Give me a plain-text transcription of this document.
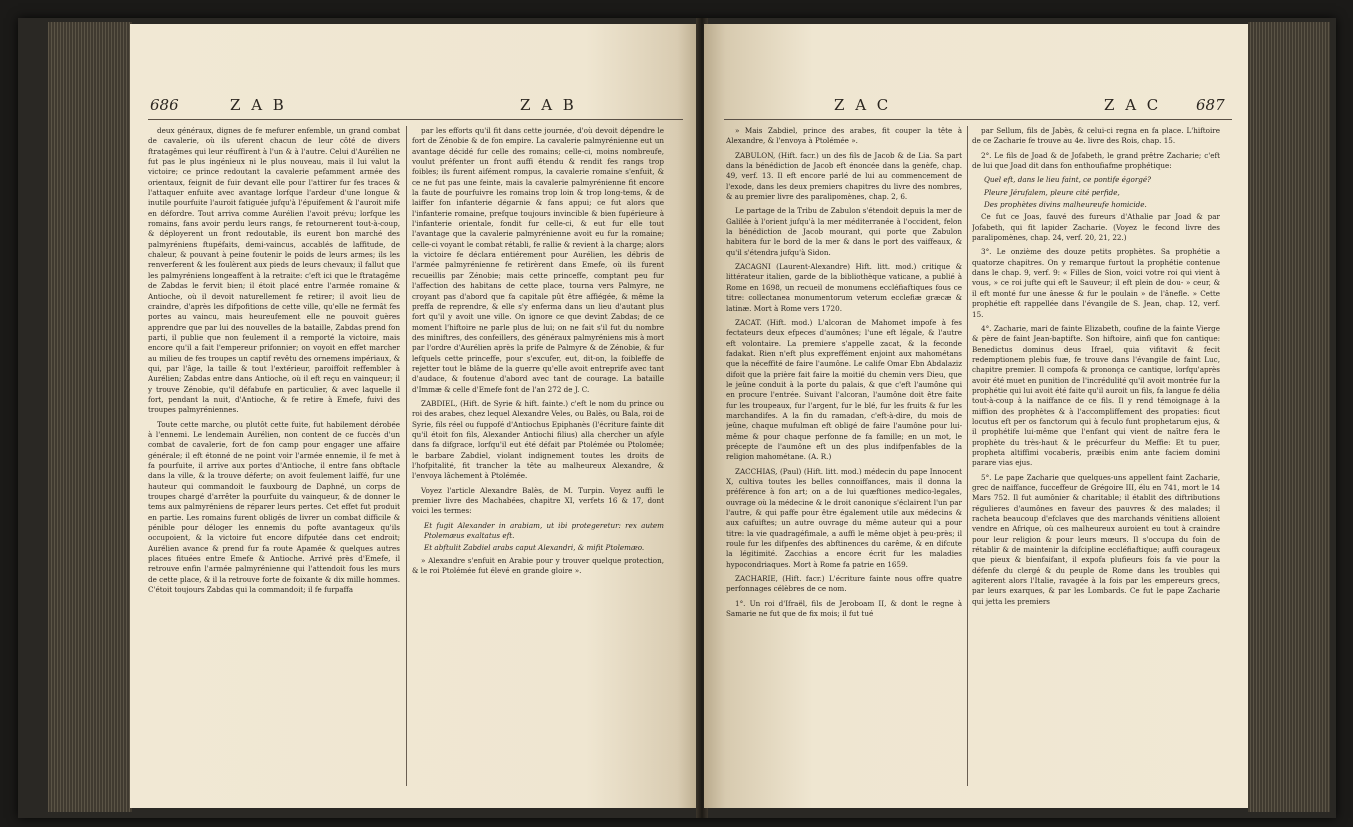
686	Z A B	Z A B

deux généraux, dignes de fe mefurer enfemble, un grand combat de cavalerie, où ils uferent chacun de leur côté de divers ftratagêmes qui leur réuffirent à l'un & à l'autre. Celui d'Aurélien ne fut pas le plus ingénieux ni le plus nouveau, mais il lui valut la victoire; ce prince redoutant la cavalerie pefamment armée des orientaux, feignit de fuir devant elle pour l'attirer fur fes traces & l'attaquer enfuite avec avantage lorfque l'ardeur d'une longue & inutile pourfuite l'auroit fatiguée jufqu'à l'épuifement & l'auroit mife en défordre. Tout arriva comme Aurélien l'avoit prévu; lorfque les romains, fans avoir perdu leurs rangs, fe retournerent tout-à-coup, & déployerent un front redoutable, ils eurent bon marché des palmyréniens ftupéfaits, demi-vaincus, accablés de laffitude, de chaleur, & pouvant à peine foutenir le poids de leurs armes; ils les renverferent & les foulèrent aux pieds de leurs chevaux; il fallut que les palmyréniens longeaffent à la retraite: c'eft ici que le ftratagême de Zabdas le fervit bien; il étoit placé entre l'armée romaine & Antioche, où il devoit naturellement fe retirer; il avoit lieu de craindre, d'après les difpofitions de cette ville, qu'elle ne fermât fes portes au vaincu, mais heureufement elle ne pouvoit guères apprendre que par lui des nouvelles de la bataille, Zabdas prend fon parti, il publie que non feulement il a remporté la victoire, mais encore qu'il a fait l'empereur prifonnier; on voyoit en effet marcher au milieu de fes troupes un captif revêtu des ornemens impériaux, & qui, par l'âge, la taille & tout l'extérieur, paroiffoit reffembler à Aurélien; Zabdas entre dans Antioche, où il eft reçu en vainqueur; il y trouve Zénobie, qu'il défabufe en particulier, & avec laquelle il fort, pendant la nuit, d'Antioche, & fe retire à Emefe, fuivi des troupes palmyréniennes.

Toute cette marche, ou plutôt cette fuite, fut habilement dérobée à l'ennemi. Le lendemain Aurélien, non content de ce fuccès d'un combat de cavalerie, fort de fon camp pour engager une affaire générale; il eft étonné de ne point voir l'armée ennemie, il fe met à fa pourfuite, il arrive aux portes d'Antioche, il entre fans obftacle dans la ville, & la trouve déferte; on avoit feulement laiffé, fur une hauteur qui commandoit le fauxbourg de Daphné, un corps de troupes chargé d'arrêter la pourfuite du vainqueur, & de donner le tems aux palmyréniens de réparer leurs pertes. Cet effet fut produit en partie. Les romains furent obligés de livrer un combat difficile & pénible pour déloger les ennemis du pofte avantageux qu'ils occupoient, & la victoire fut encore difputée dans cet endroit; Aurélien avance & prend fur fa route Apamée & quelques autres places fituées entre Emefe & Antioche. Arrivé près d'Emefe, il retrouve enfin l'armée palmyrénienne qui l'attendoit fous les murs de cette place, & il la retrouve forte de foixante & dix mille hommes. C'étoit toujours Zabdas qui la commandoit; il fe furpaffa

par les efforts qu'il fit dans cette journée, d'où devoit dépendre le fort de Zénobie & de fon empire. La cavalerie palmyrénienne eut un avantage décidé fur celle des romains; celle-ci, moins nombreufe, voulut préfenter un front auffi étendu & rendit fes rangs trop foibles; ils furent aifément rompus, la cavalerie romaine s'enfuit, & ce ne fut pas une feinte, mais la cavalerie palmyrénienne fit encore la faute de pourfuivre les romains trop loin & trop long-tems, & de laiffer fon infanterie dégarnie & fans appui; ce fut alors que l'infanterie romaine, prefque toujours invincible & bien fupérieure à l'infanterie orientale, fondit fur celle-ci, & eut fur elle tout l'avantage que la cavalerie palmyrénienne avoit eu fur la romaine; celle-ci voyant le combat rétabli, fe rallie & revient à la charge; alors la victoire fe déclara entiérement pour Aurélien, les débris de l'armée palmyrénienne fe retirèrent dans Emefe, où ils furent recueillis par Zénobie; mais cette princeffe, comptant peu fur l'affection des habitans de cette place, tourna vers Palmyre, ne croyant pas d'abord que fa capitale pût être affiégée, & même la preffa de reprendre, & elle s'y enferma dans un lieu d'autant plus fort qu'il y avoit une ville. On ignore ce que devint Zabdas; de ce moment l'hiftoire ne parle plus de lui; on ne fait s'il fut du nombre des miniftres, des confeillers, des généraux palmyréniens mis à mort par l'ordre d'Aurélien après la prife de Palmyre & de Zénobie, & fur lefquels cette princeffe, pour s'excufer, eut, dit-on, la foibleffe de rejetter tout le blâme de la guerre qu'elle avoit entreprife avec tant d'audace, & foutenue d'abord avec tant de courage. La bataille d'Immæ & celle d'Emefe font de l'an 272 de J. C.

ZABDIEL, (Hift. de Syrie & hift. fainte.) c'eft le nom du prince ou roi des arabes, chez lequel Alexandre Veles, ou Balès, ou Bala, roi de Syrie, fils réel ou fuppofé d'Antiochus Epiphanès (l'écriture fainte dit qu'il étoit fon fils, Alexander Antiochi filius) alla chercher un afyle dans fa difgrace, lorfqu'il eut été défait par Ptolémée ou Ptolomée; le barbare Zabdiel, violant indignement toutes les droits de l'hofpitalité, fit trancher la tête au malheureux Alexandre, & l'envoya lâchement à Ptolémée.

Voyez l'article Alexandre Balès, de M. Turpin. Voyez auffi le premier livre des Machabées, chapitre XI, verfets 16 & 17, dont voici les termes:

Et fugit Alexander in arabiam, ut ibi protegeretur: rex autem Ptolemæus exaltatus eft.

Et abftulit Zabdiel arabs caput Alexandri, & mifit Ptolemæo.

» Alexandre s'enfuit en Arabie pour y trouver quelque protection, & le roi Ptolémée fut élevé en grande gloire ».

Z A C	Z A C 687

» Mais Zabdiel, prince des arabes, fit couper la tête à Alexandre, & l'envoya à Ptolémée ».

ZABULON, (Hift. facr.) un des fils de Jacob & de Lia. Sa part dans la bénédiction de Jacob eft énoncée dans la genèfe, chap. 49, verf. 13. Il eft encore parlé de lui au commencement de l'exode, dans les deux premiers chapitres du livre des nombres, & au premier livre des paralipomènes, chap. 2, 6.

Le partage de la Tribu de Zabulon s'étendoit depuis la mer de Galilée à l'orient jufqu'à la mer méditerranée à l'occident, felon la bénédiction de Jacob mourant, qui porte que Zabulon habitera fur le bord de la mer & dans le port des vaiffeaux, & qu'il s'étendra jufqu'à Sidon.

ZACAGNI (Laurent-Alexandre) Hift. litt. mod.) critique & littérateur italien, garde de la bibliothèque vaticane, a publié à Rome en 1698, un recueil de monumens eccléfiaftiques fous ce titre: collectanea monumentorum veterum ecclefiæ græcæ & latinæ. Mort à Rome vers 1720.

ZACAT. (Hift. mod.) L'alcoran de Mahomet impofe à fes fectateurs deux efpeces d'aumônes; l'une eft légale, & l'autre eft volontaire. La premiere s'appelle zacat, & la feconde fadakat. Rien n'eft plus expreffément enjoint aux mahométans que la néceffité de faire l'aumône. Le calife Omar Ebn Abdalaziz difoit que la prière fait faire la moitié du chemin vers Dieu, que le jeûne conduit à la porte du palais, & que c'eft l'aumône qui en procure l'entrée. Suivant l'alcoran, l'aumône doit être faite fur les troupeaux, fur l'argent, fur le blé, fur les fruits & fur les marchandifes. A la fin du ramadan, c'eft-à-dire, du mois de jeûne, chaque mufulman eft obligé de faire l'aumône pour lui-même & pour chaque perfonne de fa famille; en un mot, le précepte de l'aumône eft un des plus indifpenfables de la religion mahométane. (A. R.)

ZACCHIAS, (Paul) (Hift. litt. mod.) médecin du pape Innocent X, cultiva toutes les belles connoiffances, mais il donna la préférence à fon art; on a de lui quæftiones medico-legales, ouvrage où la médecine & le droit canonique s'éclairent l'un par l'autre, & qui paffe pour être également utile aux médecins & aux cafuiftes; un autre ouvrage du même auteur qui a pour titre: la vie quadragéfimale, a auffi le même objet à peu-près; il roule fur les difpenfes des abftinences du carême, & en difcute la légitimité. Zacchias a encore écrit fur les maladies hypocondriaques. Mort à Rome fa patrie en 1659.

ZACHARIE, (Hift. facr.) L'écriture fainte nous offre quatre perfonnages célèbres de ce nom.

1°. Un roi d'Ifraël, fils de Jeroboam II, & dont le regne à Samarie ne fut que de fix mois; il fut tué

par Sellum, fils de Jabès, & celui-ci regna en fa place. L'hiftoire de ce Zacharie fe trouve au 4e. livre des Rois, chap. 15.

2°. Le fils de Joad & de Jofabeth, le grand prêtre Zacharie; c'eft de lui que Joad dit dans fon enthoufiafme prophétique:

Quel eft, dans le lieu faint, ce pontife égorgé?

Pleure Jérufalem, pleure cité perfide,

Des prophètes divins malheureufe homicide.

Ce fut ce Joas, fauvé des fureurs d'Athalie par Joad & par Jofabeth, qui fit lapider Zacharie. (Voyez le fecond livre des paralipomènes, chap. 24, verf. 20, 21, 22.)

3°. Le onzième des douze petits prophètes. Sa prophétie a quatorze chapitres. On y remarque furtout la prophétie contenue dans le chap. 9, verf. 9: « Filles de Sion, voici votre roi qui vient à vous, » ce roi jufte qui eft le Sauveur; il eft plein de dou- » ceur, & il eft monté fur une ânesse & fur le poulain » de l'ânefle. » Cette prophétie eft rappellée dans l'évangile de S. Jean, chap. 12, verf. 15.

4°. Zacharie, mari de fainte Elizabeth, coufine de la fainte Vierge & père de faint Jean-baptifte. Son hiftoire, ainfi que fon cantique: Benedictus dominus deus Ifrael, quia vifitavit & fecit redemptionem plebis fuæ, fe trouve dans l'évangile de faint Luc, chapitre premier. Il compofa & prononça ce cantique, lorfqu'après avoir été muet en punition de l'incrédulité qu'il avoit montrée fur la prophétie qui lui avoit été faite qu'il auroit un fils, fa langue fe délia tout-à-coup à la naiffance de ce fils. Il y rend témoignage à la miffion des prophètes & à l'accompliffement des propaties: ficut locutus eft per os fanctorum qui à feculo funt prophetarum ejus, & il prophétife lui-même que l'enfant qui vient de naître fera le prophète du très-haut & le précurfeur du Meffie: Et tu puer, propheta altiffimi vocaberis, præibis enim ante faciem domini parare vias ejus.

5°. Le pape Zacharie que quelques-uns appellent faint Zacharie, grec de naiffance, fucceffeur de Grégoire III, élu en 741, mort le 14 Mars 752. Il fut aumônier & charitable; il établit des diftributions régulieres d'aumônes en faveur des pauvres & des malades; il racheta beaucoup d'efclaves que des marchands vénitiens alloient vendre en Afrique, où ces malheureux auroient eu tout à craindre pour leur religion & pour leurs mœurs. Il s'occupa du foin de rétablir & de maintenir la difcipline eccléfiaftique; auffi courageux que pieux & bienfaifant, il expofa plufieurs fois fa vie pour la défenfe du clergé & du peuple de Rome dans les troubles qui agiterent alors l'Italie, ravagée à la fois par les empereurs grecs, par leurs exarques, & par les Lombards. Ce fut le pape Zacharie qui jetta les premiers
